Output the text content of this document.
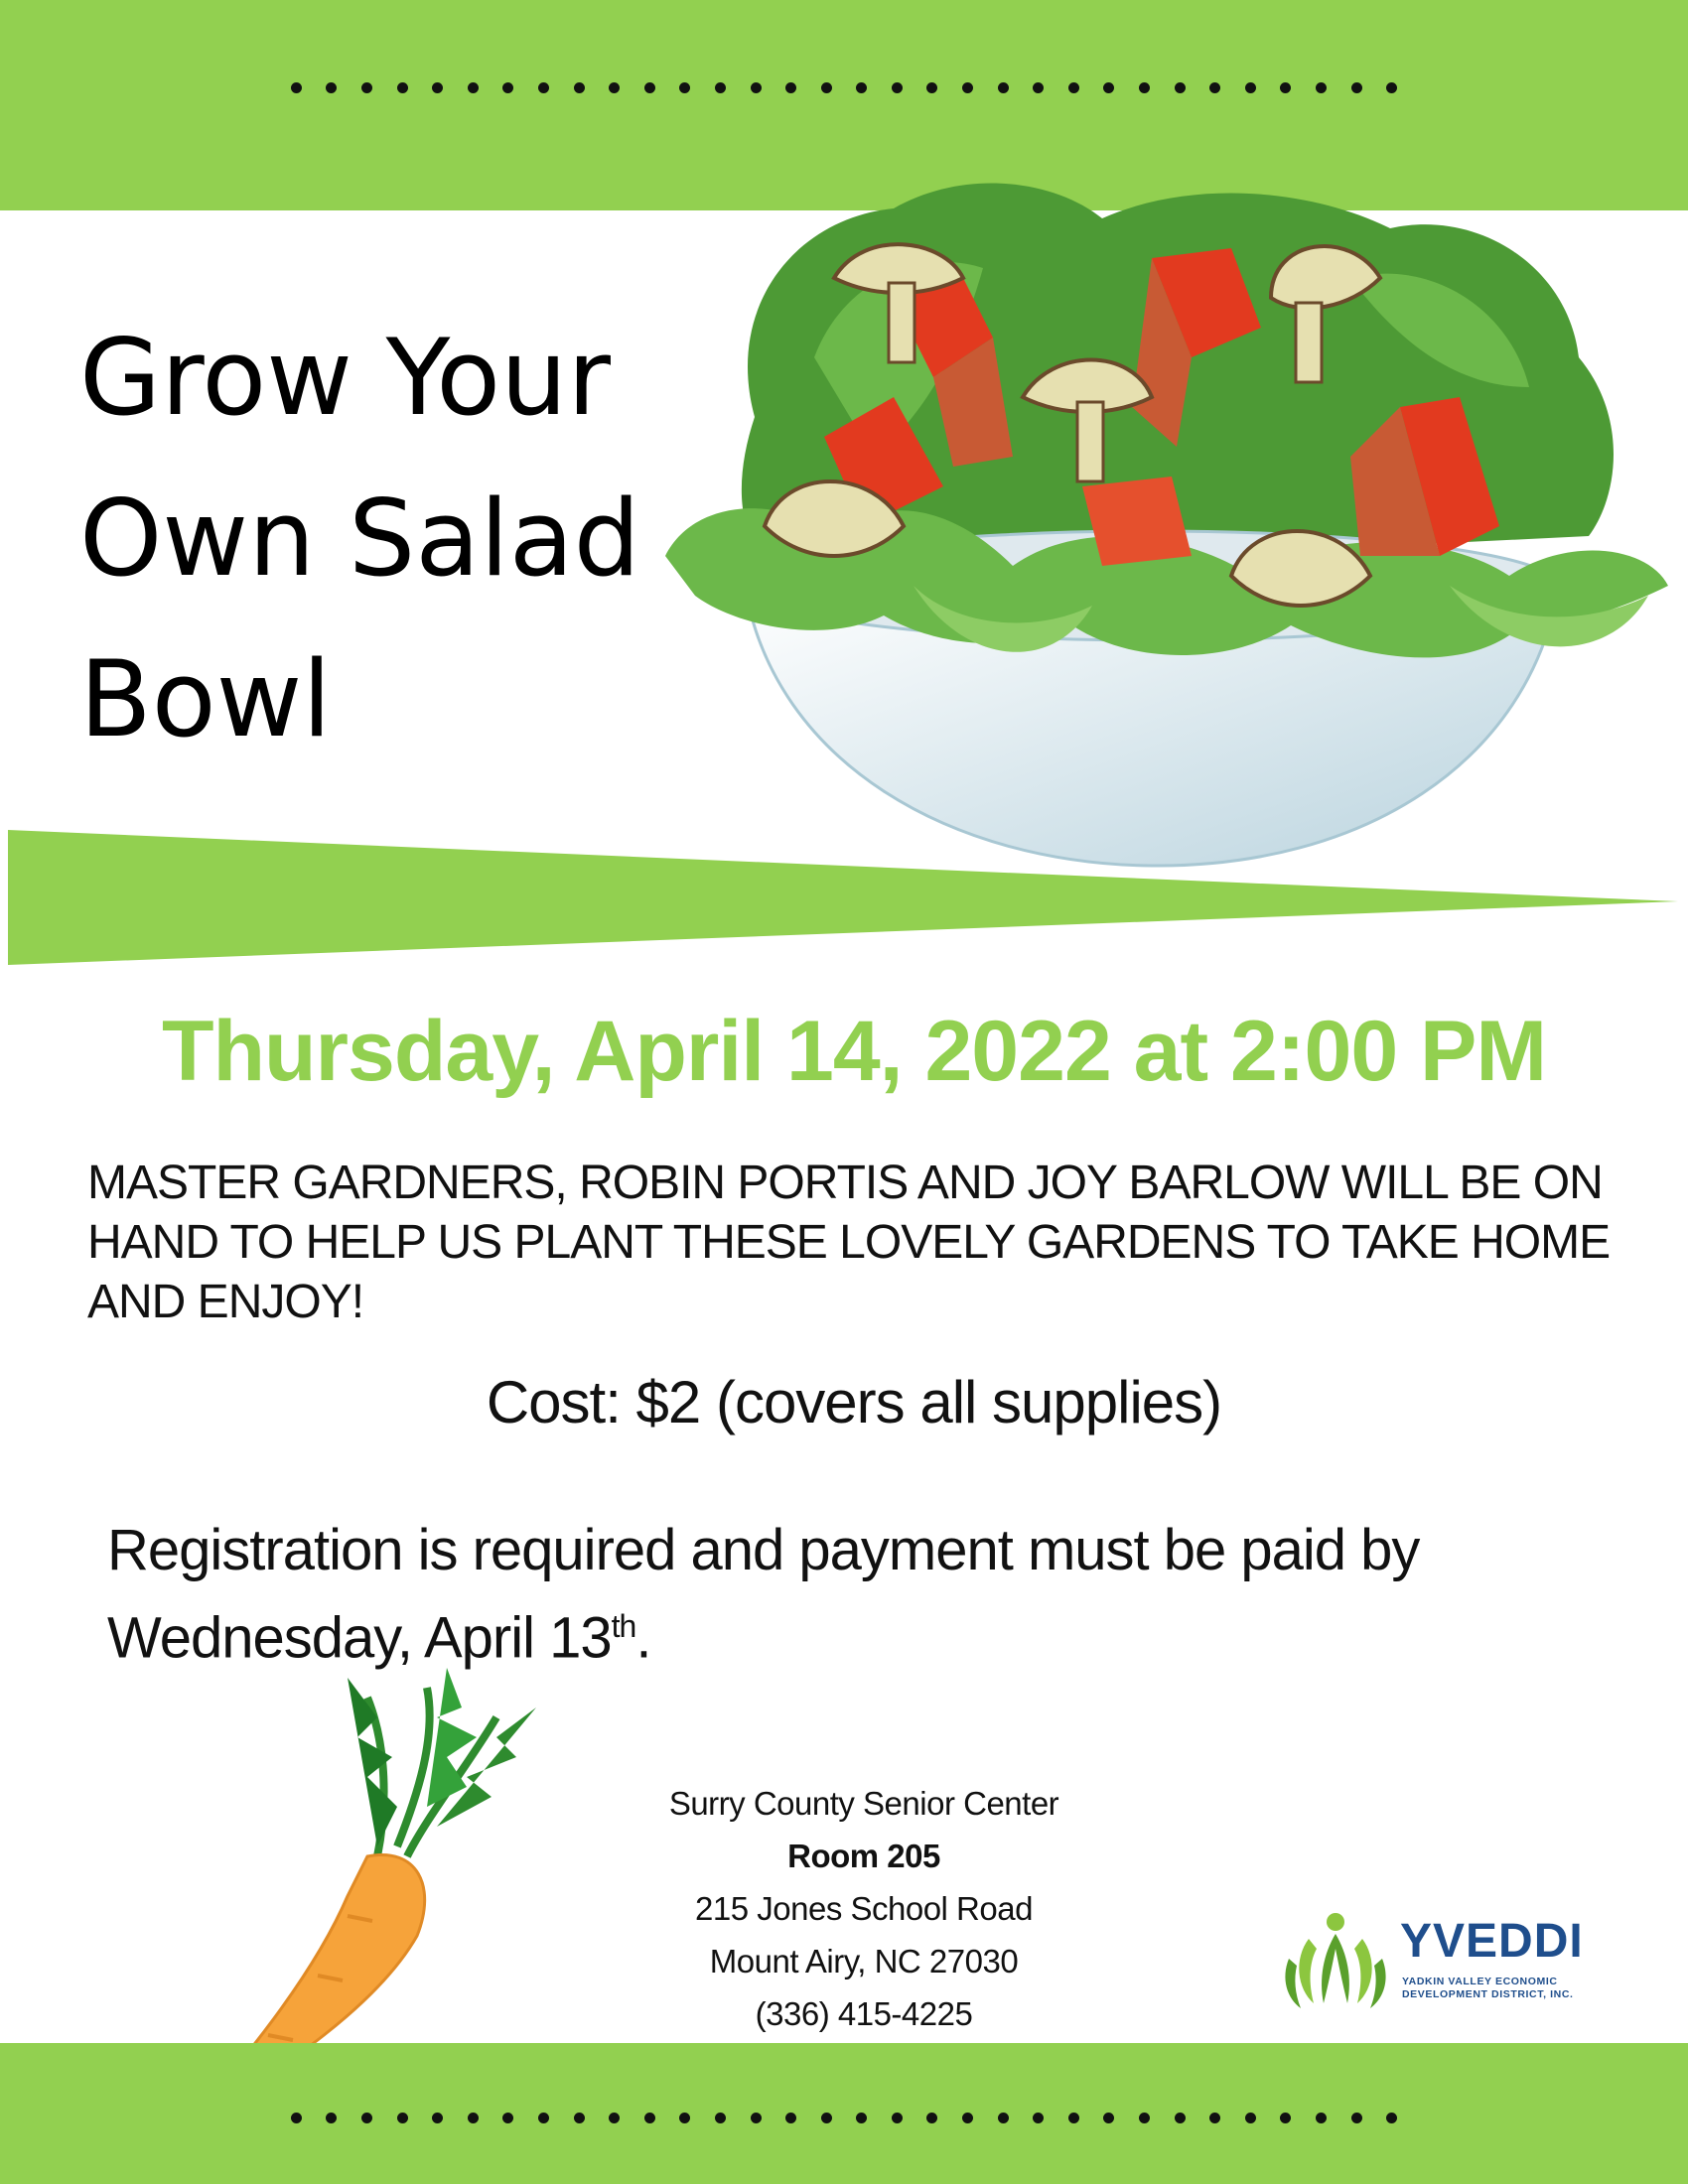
Grow Your
Own Salad
Bowl
Thursday, April 14, 2022 at 2:00 PM
MASTER GARDNERS, ROBIN PORTIS AND JOY BARLOW WILL BE ON HAND TO HELP US PLANT THESE LOVELY GARDENS TO TAKE HOME AND ENJOY!
Cost: $2 (covers all supplies)
Registration is required and payment must be paid by Wednesday, April 13th.
Surry County Senior Center
Room 205
215 Jones School Road
Mount Airy, NC 27030
(336) 415-4225
YVEDDI
YADKIN VALLEY ECONOMIC DEVELOPMENT DISTRICT, INC.
